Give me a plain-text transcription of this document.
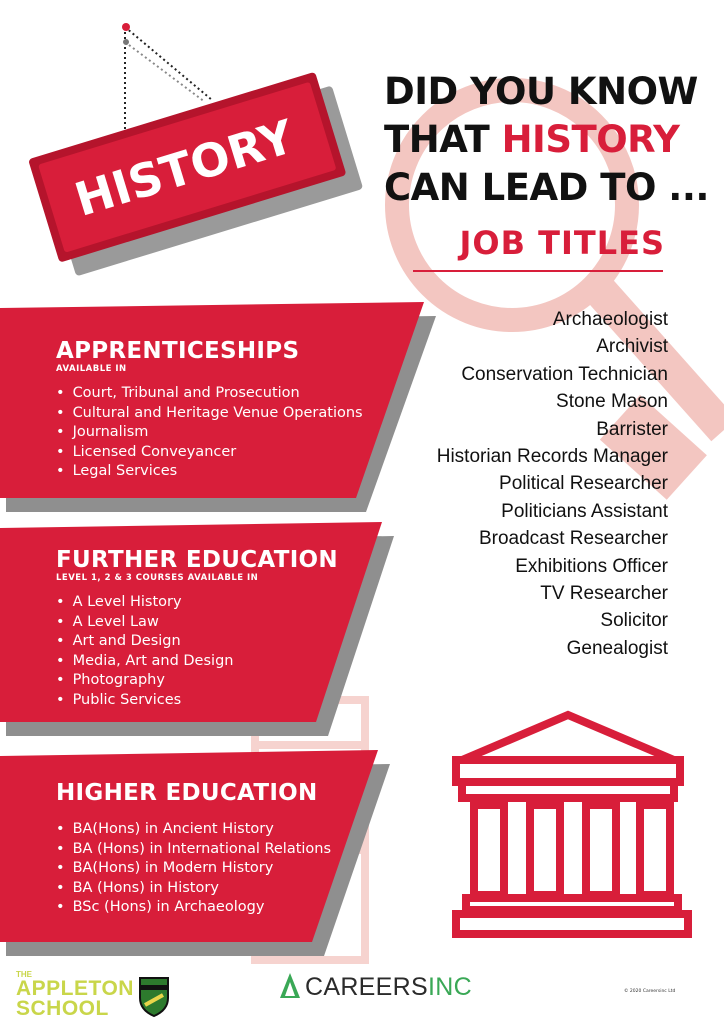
HISTORY
DID YOU KNOW
THAT HISTORY
CAN LEAD TO ...
JOB TITLES
Archaeologist
Archivist
Conservation Technician
Stone Mason
Barrister
Historian Records Manager
Political Researcher
Politicians Assistant
Broadcast Researcher
Exhibitions Officer
TV Researcher
Solicitor
Genealogist
APPRENTICESHIPS
AVAILABLE IN
• Court, Tribunal and Prosecution
• Cultural and Heritage Venue Operations
• Journalism
• Licensed Conveyancer
• Legal Services
FURTHER EDUCATION
LEVEL 1, 2 & 3 COURSES AVAILABLE IN
• A Level History
• A Level Law
• Art and Design
• Media, Art and Design
• Photography
• Public Services
HIGHER EDUCATION
• BA(Hons) in Ancient History
• BA (Hons) in International Relations
• BA(Hons) in Modern History
• BA (Hons) in History
• BSc (Hons) in Archaeology
THE
APPLETON
SCHOOL
CAREERSINC	© 2020 Careersinc Ltd
